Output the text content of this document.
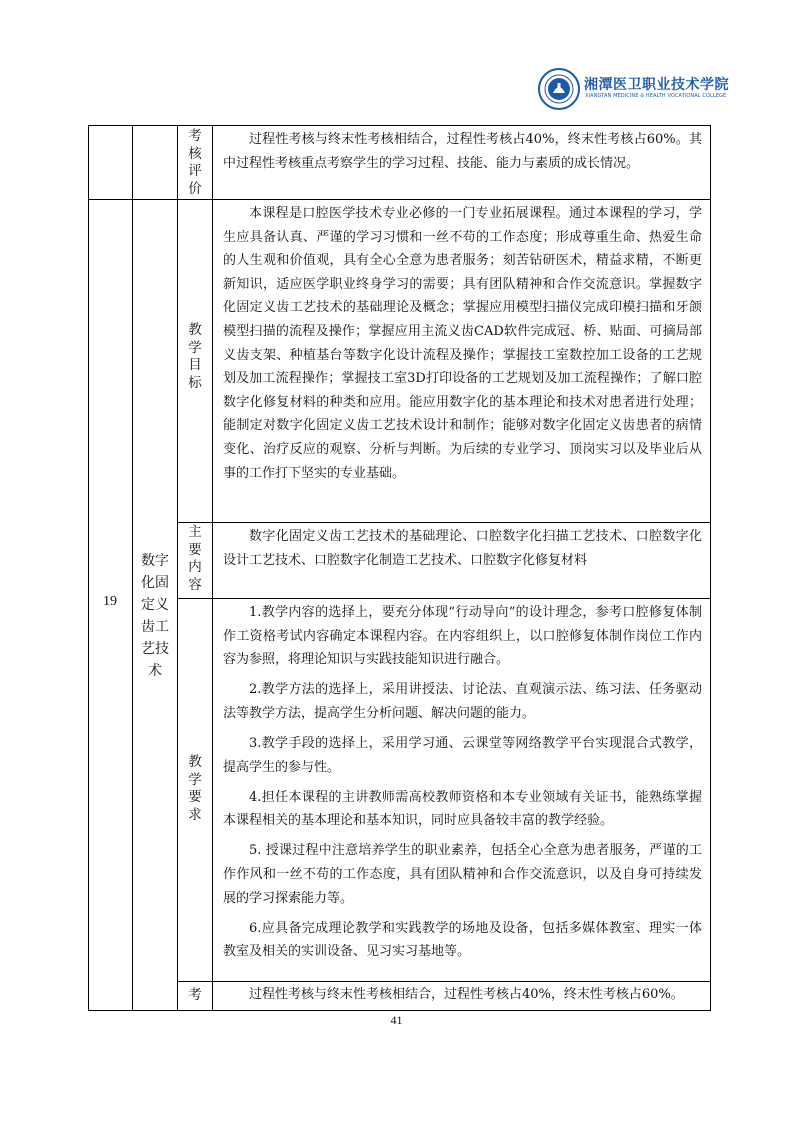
湘潭医卫职业技术学院
XIANGTAN MEDICINE & HEALTH VOCATIONAL COLLEGE
考
核
评
价

过程性考核与终末性考核相结合，过程性考核占40%，终末性考核占60%。其中过程性考核重点考察学生的学习过程、技能、能力与素质的成长情况。

19
数字
化固
定义
齿工
艺技
术
教
学
目
标

本课程是口腔医学技术专业必修的一门专业拓展课程。通过本课程的学习，学生应具备认真、严谨的学习习惯和一丝不苟的工作态度；形成尊重生命、热爱生命的人生观和价值观，具有全心全意为患者服务；刻苦钻研医术，精益求精，不断更新知识，适应医学职业终身学习的需要；具有团队精神和合作交流意识。掌握数字化固定义齿工艺技术的基础理论及概念；掌握应用模型扫描仪完成印模扫描和牙颌模型扫描的流程及操作；掌握应用主流义齿CAD软件完成冠、桥、贴面、可摘局部义齿支架、种植基台等数字化设计流程及操作；掌握技工室数控加工设备的工艺规划及加工流程操作；掌握技工室3D打印设备的工艺规划及加工流程操作；了解口腔数字化修复材料的种类和应用。能应用数字化的基本理论和技术对患者进行处理；能制定对数字化固定义齿工艺技术设计和制作；能够对数字化固定义齿患者的病情变化、治疗反应的观察、分析与判断。为后续的专业学习、顶岗实习以及毕业后从事的工作打下坚实的专业基础。

主
要
内
容

数字化固定义齿工艺技术的基础理论、口腔数字化扫描工艺技术、口腔数字化设计工艺技术、口腔数字化制造工艺技术、口腔数字化修复材料

教
学
要
求

1.教学内容的选择上，要充分体现“行动导向”的设计理念，参考口腔修复体制作工资格考试内容确定本课程内容。在内容组织上，以口腔修复体制作岗位工作内容为参照，将理论知识与实践技能知识进行融合。

2.教学方法的选择上，采用讲授法、讨论法、直观演示法、练习法、任务驱动法等教学方法，提高学生分析问题、解决问题的能力。

3.教学手段的选择上，采用学习通、云课堂等网络教学平台实现混合式教学，提高学生的参与性。

4.担任本课程的主讲教师需高校教师资格和本专业领域有关证书，能熟练掌握本课程相关的基本理论和基本知识，同时应具备较丰富的教学经验。

5. 授课过程中注意培养学生的职业素养，包括全心全意为患者服务，严谨的工作作风和一丝不苟的工作态度，具有团队精神和合作交流意识，以及自身可持续发展的学习探索能力等。

6.应具备完成理论教学和实践教学的场地及设备，包括多媒体教室、理实一体教室及相关的实训设备、见习实习基地等。

考	过程性考核与终末性考核相结合，过程性考核占40%，终末性考核占60%。

41
